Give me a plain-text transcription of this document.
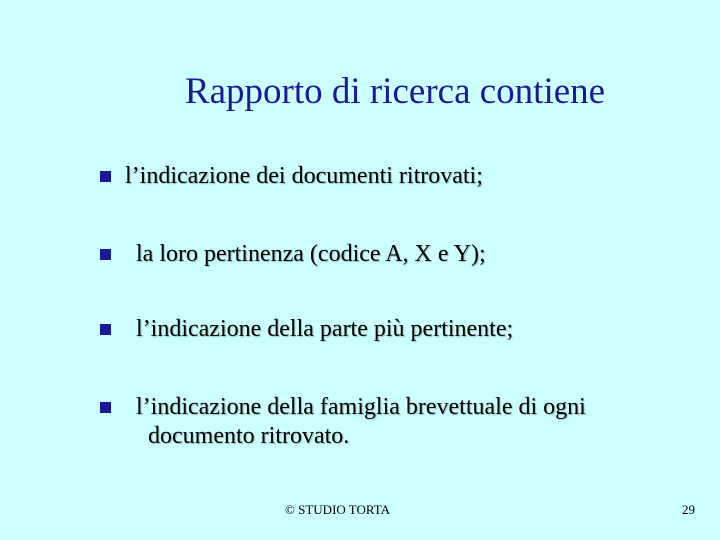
Rapporto di ricerca contiene
l’indicazione dei documenti ritrovati;
la loro pertinenza (codice A, X e Y);
l’indicazione della parte più pertinente;
l’indicazione della famiglia brevettuale di ogni
documento ritrovato.
© STUDIO TORTA	29
